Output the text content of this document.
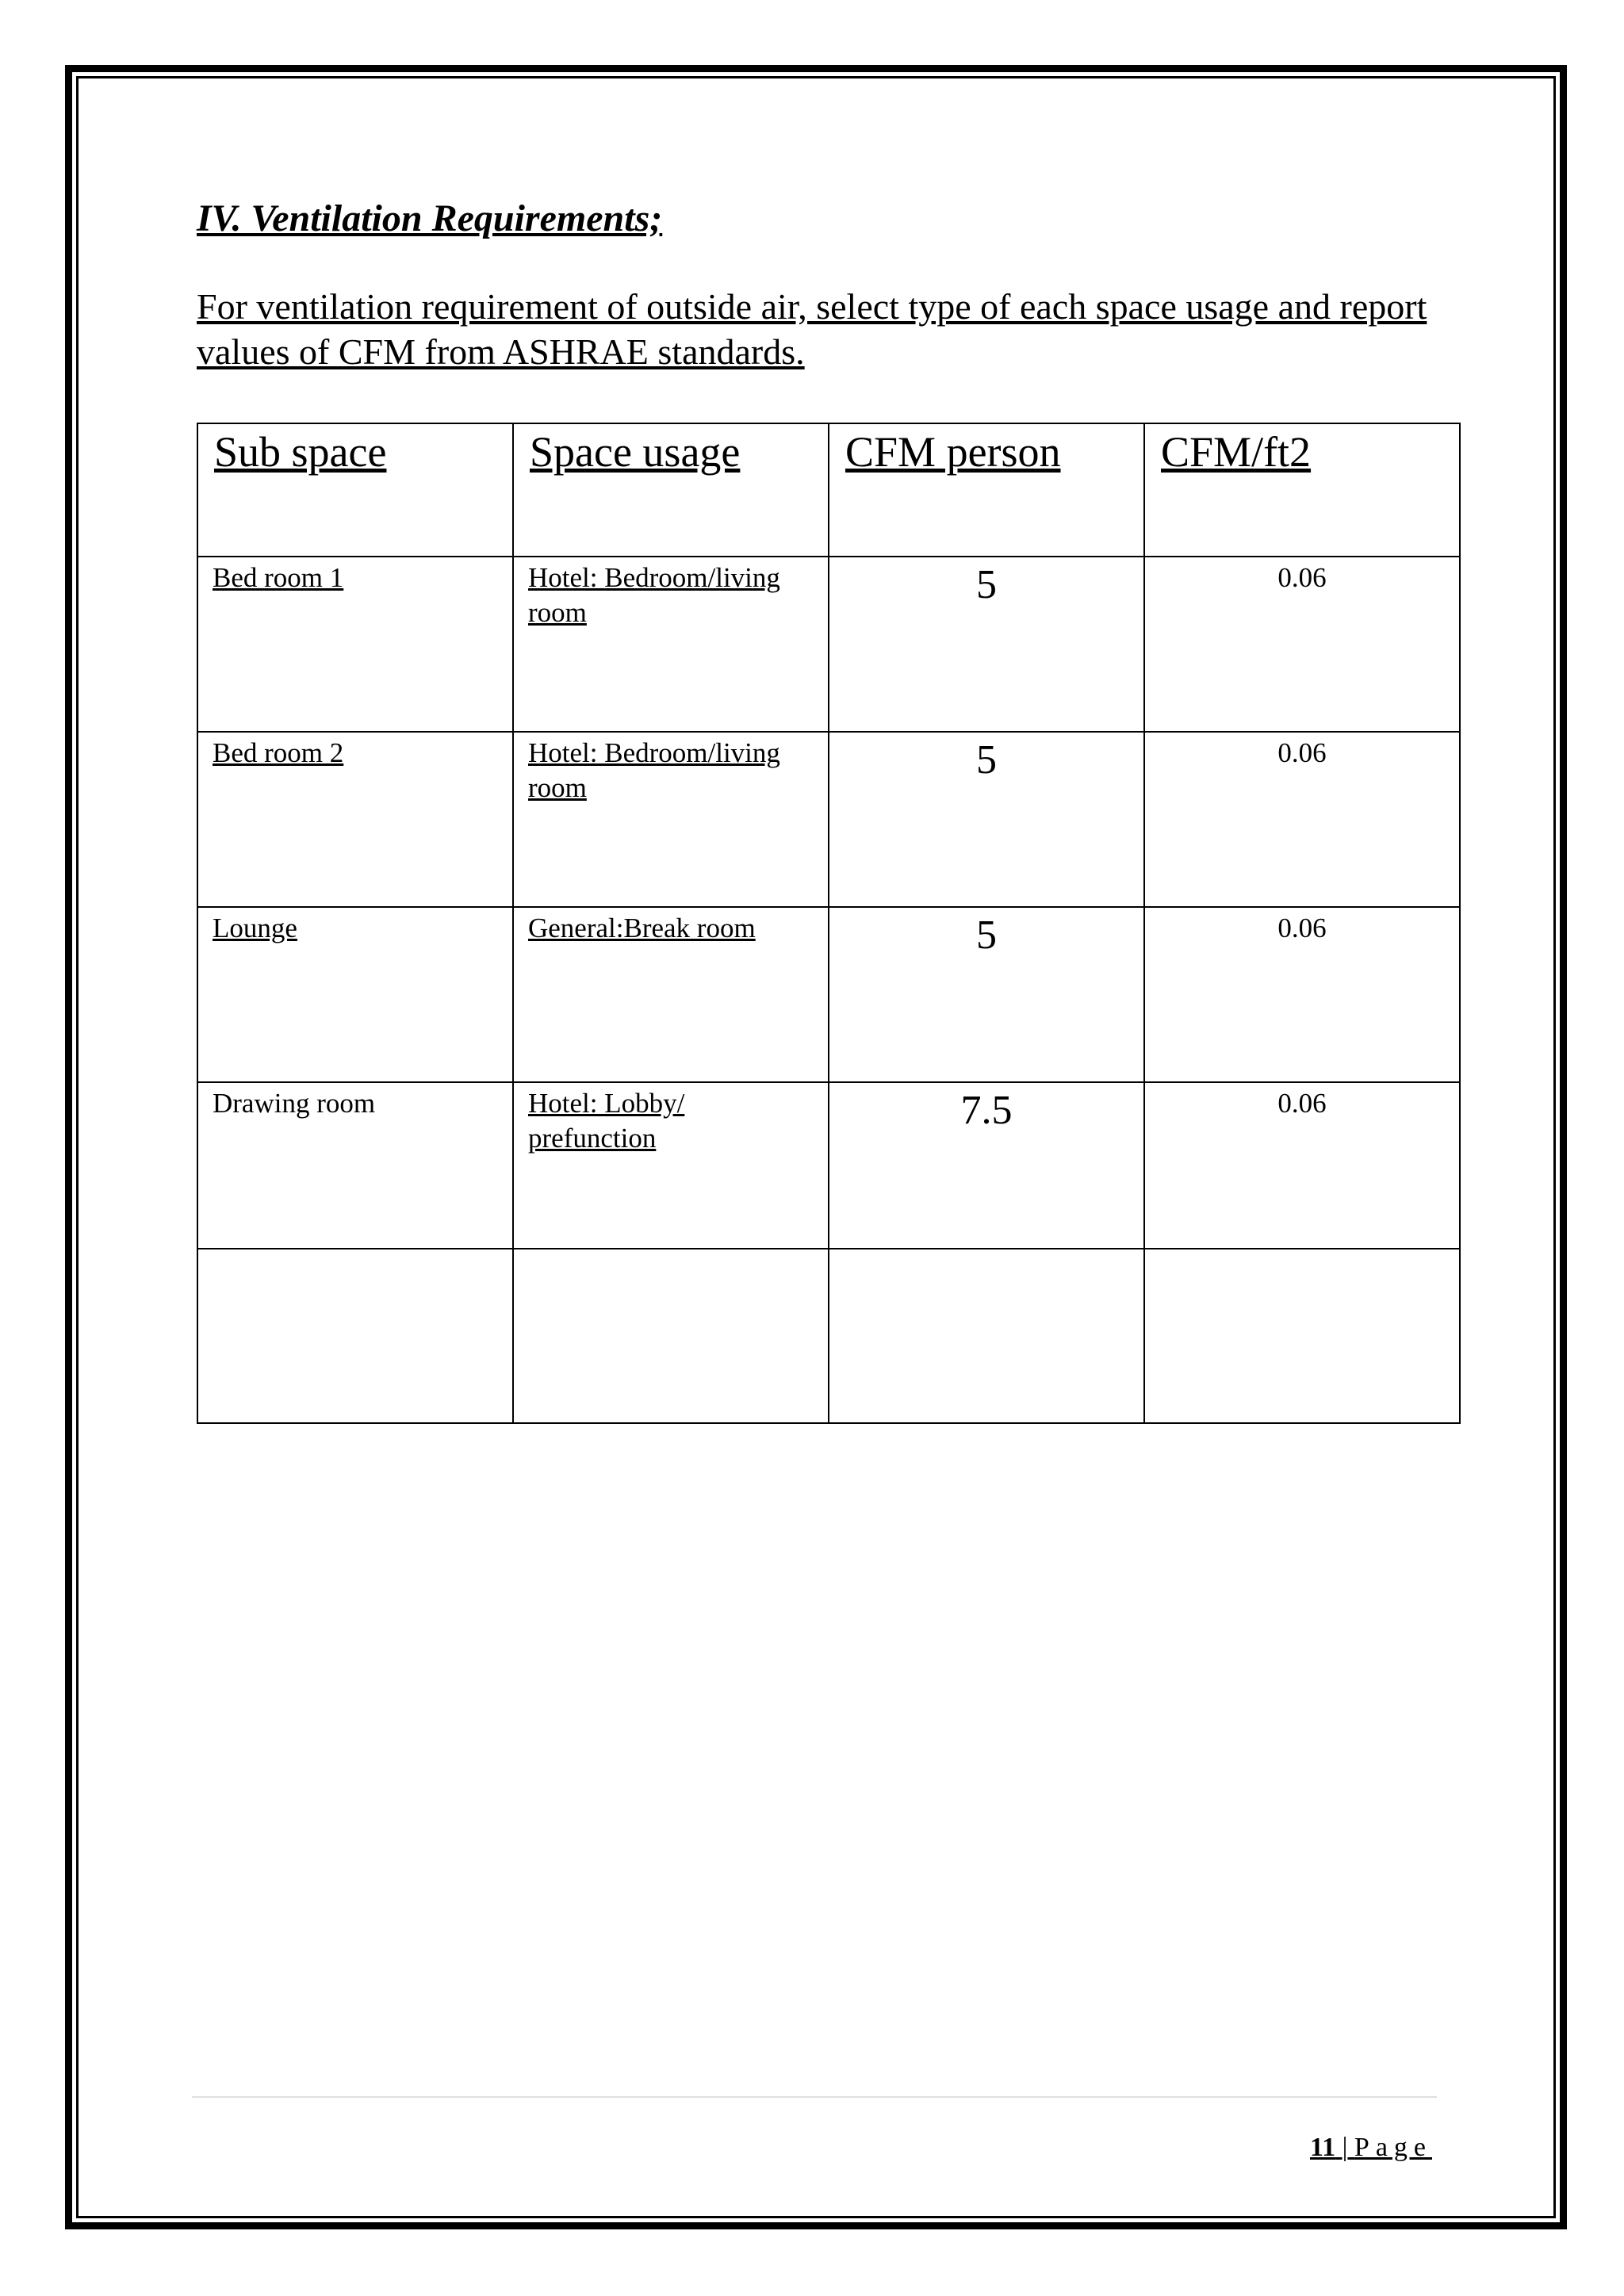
IV. Ventilation Requirements;

For ventilation requirement of outside air, select type of each space usage and report values of CFM from ASHRAE standards.

Sub space	Space usage	CFM person	CFM/ft2

Bed room 1	Hotel: Bedroom/living room	5	0.06

Bed room 2	Hotel: Bedroom/living room	5	0.06

Lounge	General:Break room	5	0.06

Drawing room	Hotel: Lobby/ prefunction	7.5	0.06

11 | Page
